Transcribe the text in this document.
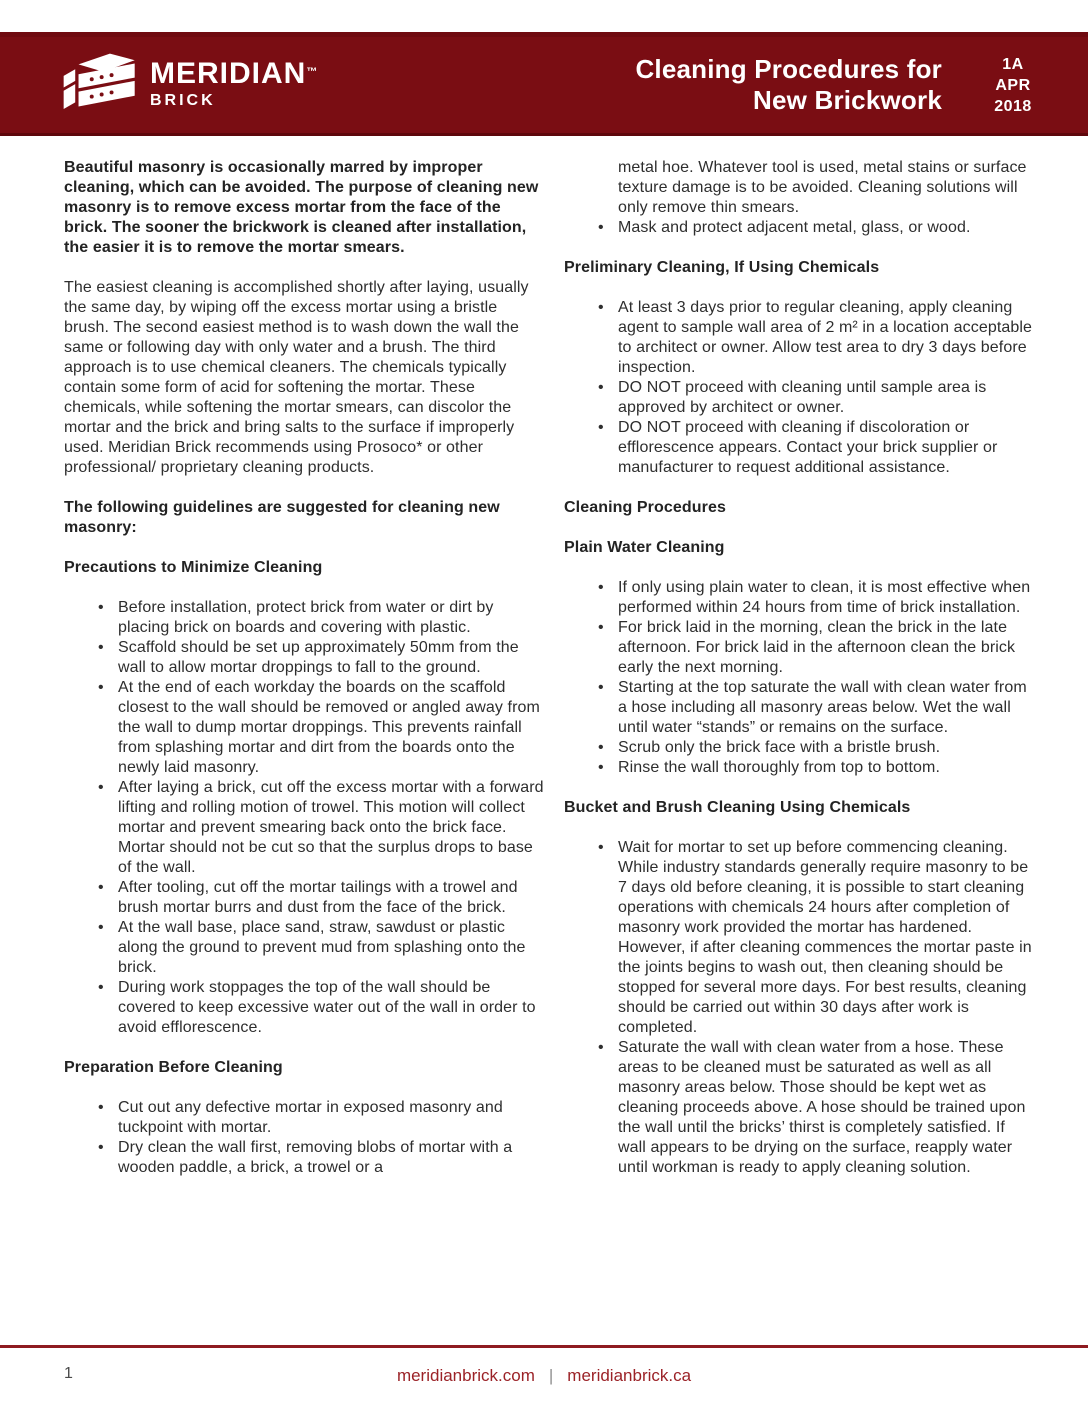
MERIDIAN™
BRICK
Cleaning Procedures for
New Brickwork
1A
APR
2018

Beautiful masonry is occasionally marred by improper cleaning, which can be avoided. The purpose of cleaning new masonry is to remove excess mortar from the face of the brick. The sooner the brickwork is cleaned after installation, the easier it is to remove the mortar smears.

The easiest cleaning is accomplished shortly after laying, usually the same day, by wiping off the excess mortar using a bristle brush. The second easiest method is to wash down the wall the same or following day with only water and a brush. The third approach is to use chemical cleaners. The chemicals typically contain some form of acid for softening the mortar. These chemicals, while softening the mortar smears, can discolor the mortar and the brick and bring salts to the surface if improperly used. Meridian Brick recommends using Prosoco* or other professional/ proprietary cleaning products.

The following guidelines are suggested for cleaning new masonry:

Precautions to Minimize Cleaning
• Before installation, protect brick from water or dirt by placing brick on boards and covering with plastic.
• Scaffold should be set up approximately 50mm from the wall to allow mortar droppings to fall to the ground.
• At the end of each workday the boards on the scaffold closest to the wall should be removed or angled away from the wall to dump mortar droppings. This prevents rainfall from splashing mortar and dirt from the boards onto the newly laid masonry.
• After laying a brick, cut off the excess mortar with a forward lifting and rolling motion of trowel. This motion will collect mortar and prevent smearing back onto the brick face. Mortar should not be cut so that the surplus drops to base of the wall.
• After tooling, cut off the mortar tailings with a trowel and brush mortar burrs and dust from the face of the brick.
• At the wall base, place sand, straw, sawdust or plastic along the ground to prevent mud from splashing onto the brick.
• During work stoppages the top of the wall should be covered to keep excessive water out of the wall in order to avoid efflorescence.
Preparation Before Cleaning
• Cut out any defective mortar in exposed masonry and tuckpoint with mortar.
• Dry clean the wall first, removing blobs of mortar with a wooden paddle, a brick, a trowel or a

metal hoe. Whatever tool is used, metal stains or surface texture damage is to be avoided. Cleaning solutions will only remove thin smears.

• Mask and protect adjacent metal, glass, or wood.
Preliminary Cleaning, If Using Chemicals
• At least 3 days prior to regular cleaning, apply cleaning agent to sample wall area of 2 m² in a location acceptable to architect or owner. Allow test area to dry 3 days before inspection.
• DO NOT proceed with cleaning until sample area is approved by architect or owner.
• DO NOT proceed with cleaning if discoloration or efflorescence appears. Contact your brick supplier or manufacturer to request additional assistance.
Cleaning Procedures
Plain Water Cleaning
• If only using plain water to clean, it is most effective when performed within 24 hours from time of brick installation.
• For brick laid in the morning, clean the brick in the late afternoon. For brick laid in the afternoon clean the brick early the next morning.
• Starting at the top saturate the wall with clean water from a hose including all masonry areas below. Wet the wall until water “stands” or remains on the surface.
• Scrub only the brick face with a bristle brush.
• Rinse the wall thoroughly from top to bottom.
Bucket and Brush Cleaning Using Chemicals
• Wait for mortar to set up before commencing cleaning. While industry standards generally require masonry to be 7 days old before cleaning, it is possible to start cleaning operations with chemicals 24 hours after completion of masonry work provided the mortar has hardened. However, if after cleaning commences the mortar paste in the joints begins to wash out, then cleaning should be stopped for several more days. For best results, cleaning should be carried out within 30 days after work is completed.
• Saturate the wall with clean water from a hose. These areas to be cleaned must be saturated as well as all masonry areas below. Those should be kept wet as cleaning proceeds above. A hose should be trained upon the wall until the bricks’ thirst is completely satisfied. If wall appears to be drying on the surface, reapply water until workman is ready to apply cleaning solution.
1	meridianbrick.com | meridianbrick.ca
